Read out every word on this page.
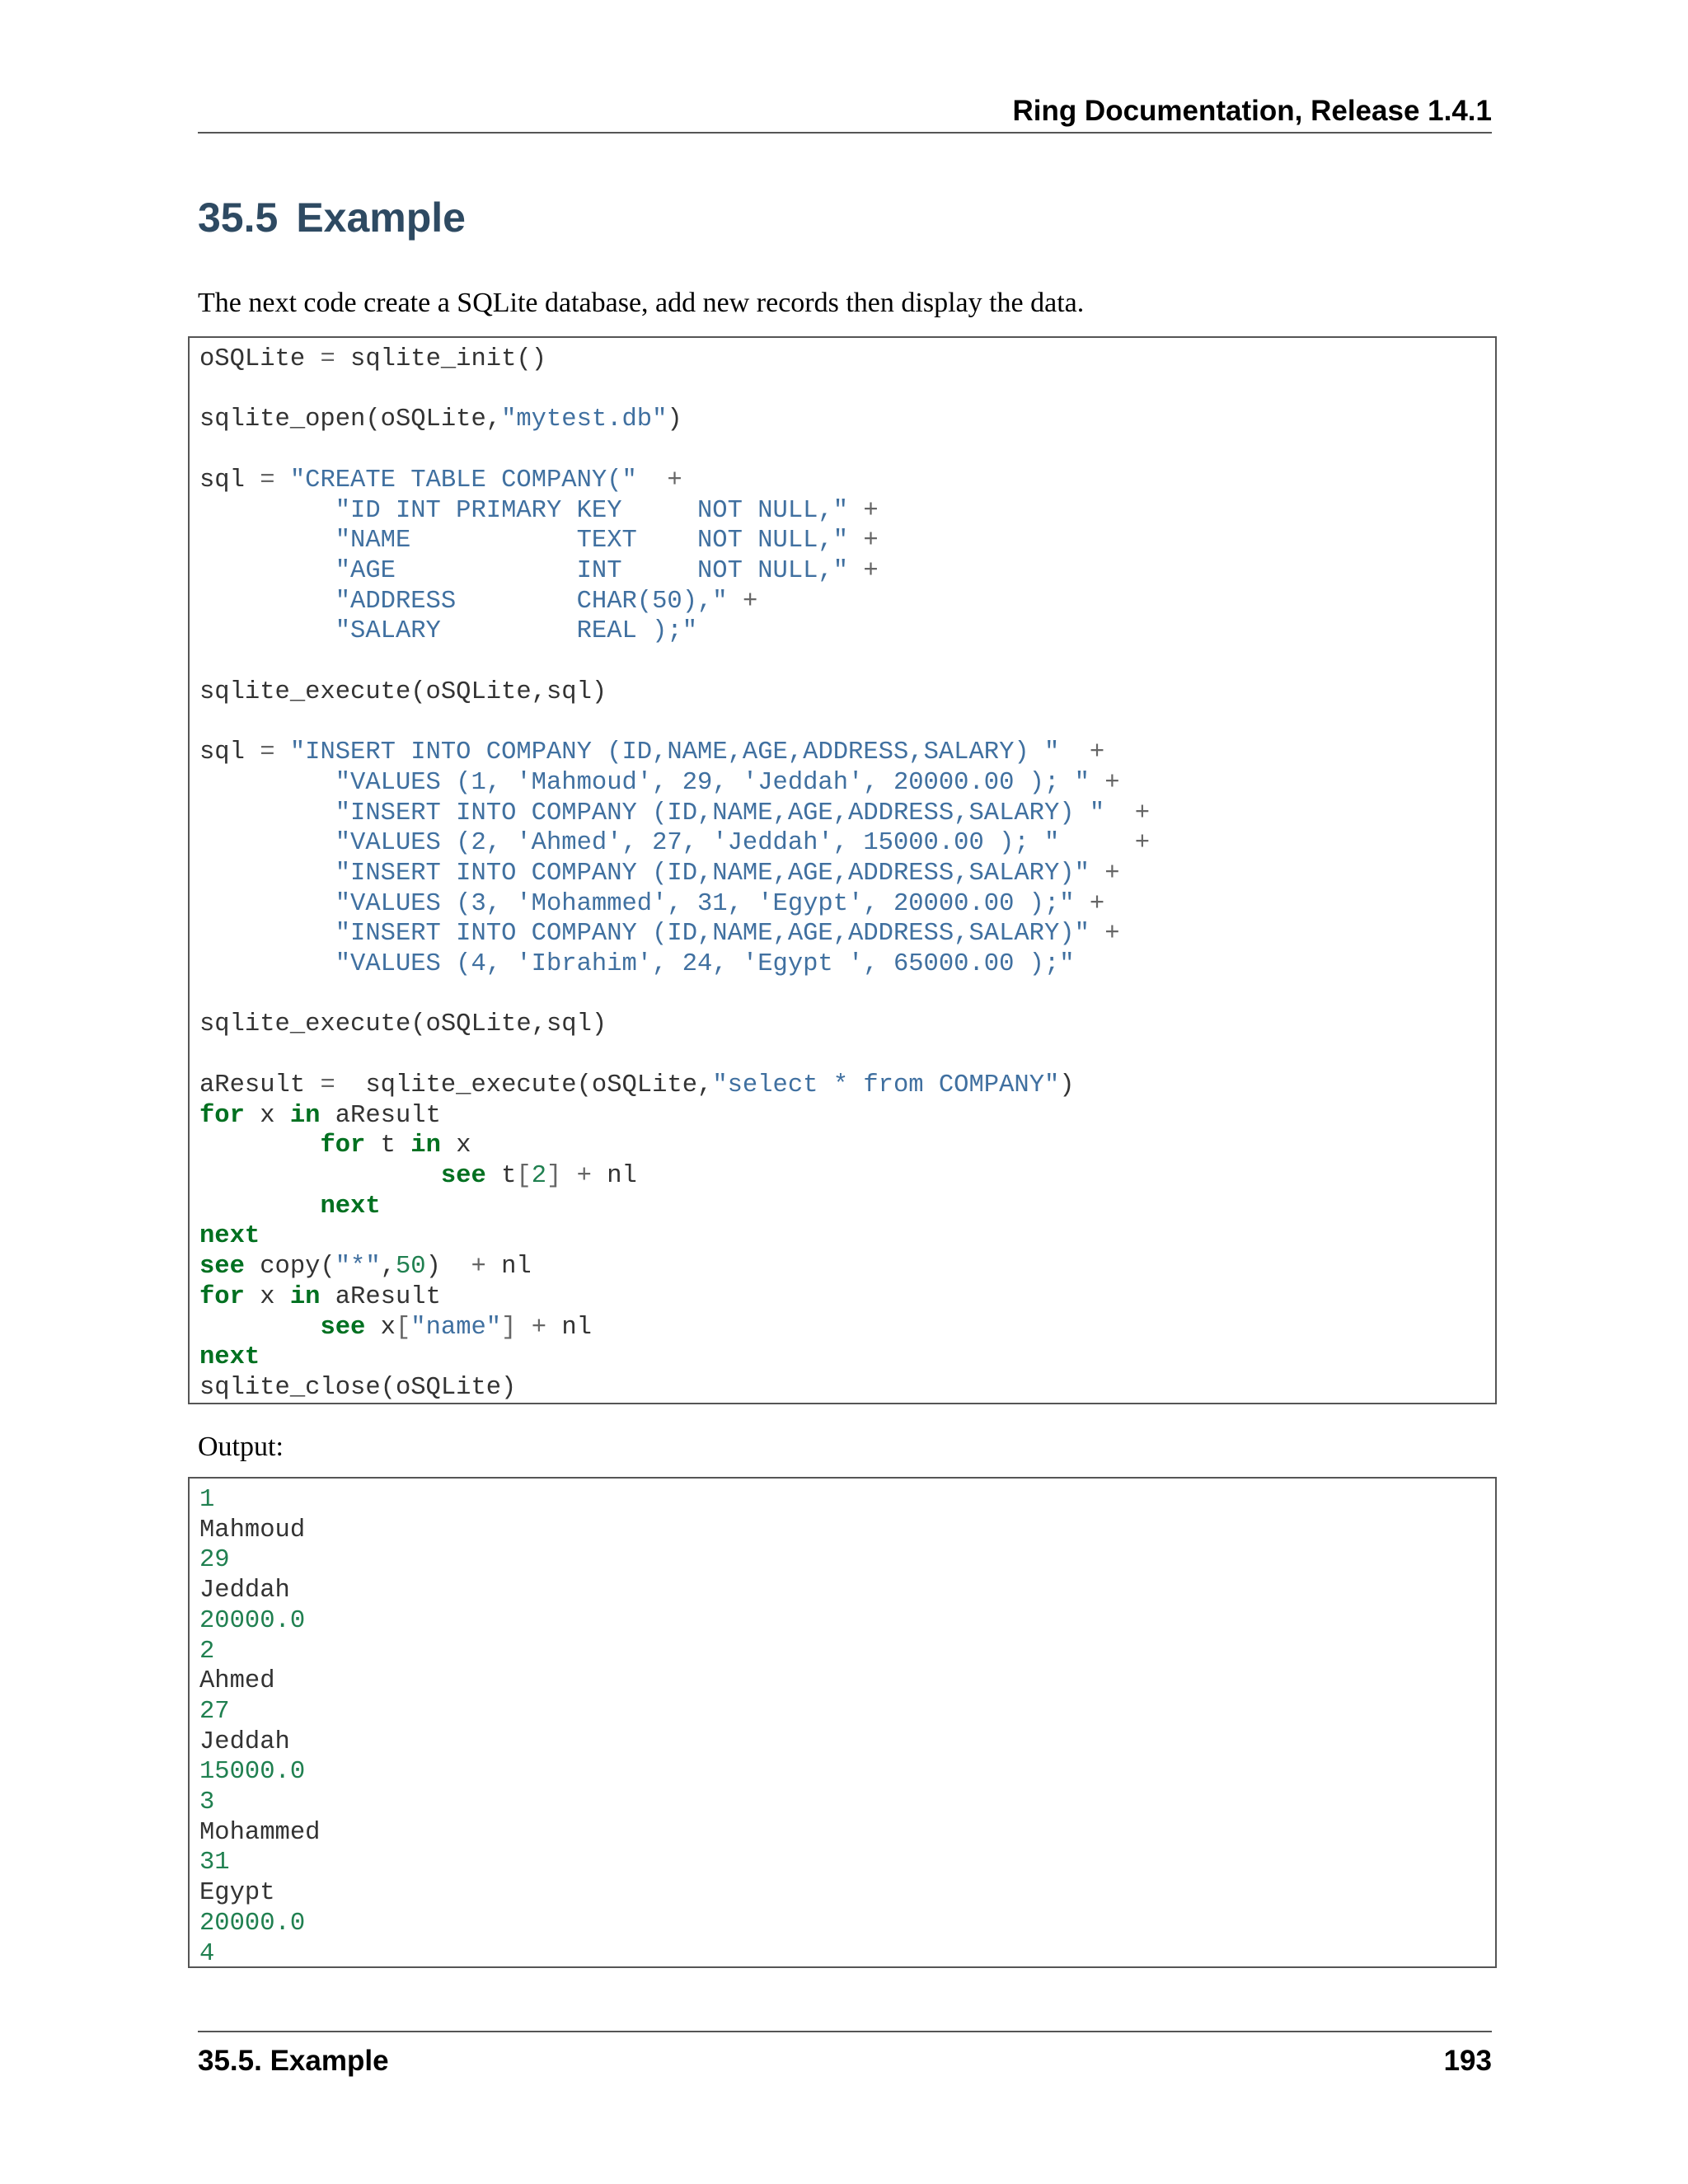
Ring Documentation, Release 1.4.1
35.5 Example

The next code create a SQLite database, add new records then display the data.

oSQLite = sqlite_init()

sqlite_open(oSQLite,"mytest.db")

sql = "CREATE TABLE COMPANY(" +
"ID INT PRIMARY KEY     NOT NULL," +
"NAME           TEXT    NOT NULL," +
"AGE            INT     NOT NULL," +
"ADDRESS        CHAR(50)," +
"SALARY         REAL );"

sqlite_execute(oSQLite,sql)

sql = "INSERT INTO COMPANY (ID,NAME,AGE,ADDRESS,SALARY) " +
"VALUES (1, 'Mahmoud', 29, 'Jeddah', 20000.00 ); " +
"INSERT INTO COMPANY (ID,NAME,AGE,ADDRESS,SALARY) " +
"VALUES (2, 'Ahmed', 27, 'Jeddah', 15000.00 ); "	+
"INSERT INTO COMPANY (ID,NAME,AGE,ADDRESS,SALARY)" +
"VALUES (3, 'Mohammed', 31, 'Egypt', 20000.00 );" +
"INSERT INTO COMPANY (ID,NAME,AGE,ADDRESS,SALARY)" +
"VALUES (4, 'Ibrahim', 24, 'Egypt ', 65000.00 );"

sqlite_execute(oSQLite,sql)

aResult =  sqlite_execute(oSQLite,"select * from COMPANY")
for x in aResult
for t in x
see t[2] + nl
next
next
see copy("*",50)  + nl
for x in aResult
see x["name"] + nl
next
sqlite_close(oSQLite)

Output:

1
Mahmoud
29
Jeddah
20000.0
2
Ahmed
27
Jeddah
15000.0
3
Mohammed
31
Egypt
20000.0
4
35.5. Example	193
